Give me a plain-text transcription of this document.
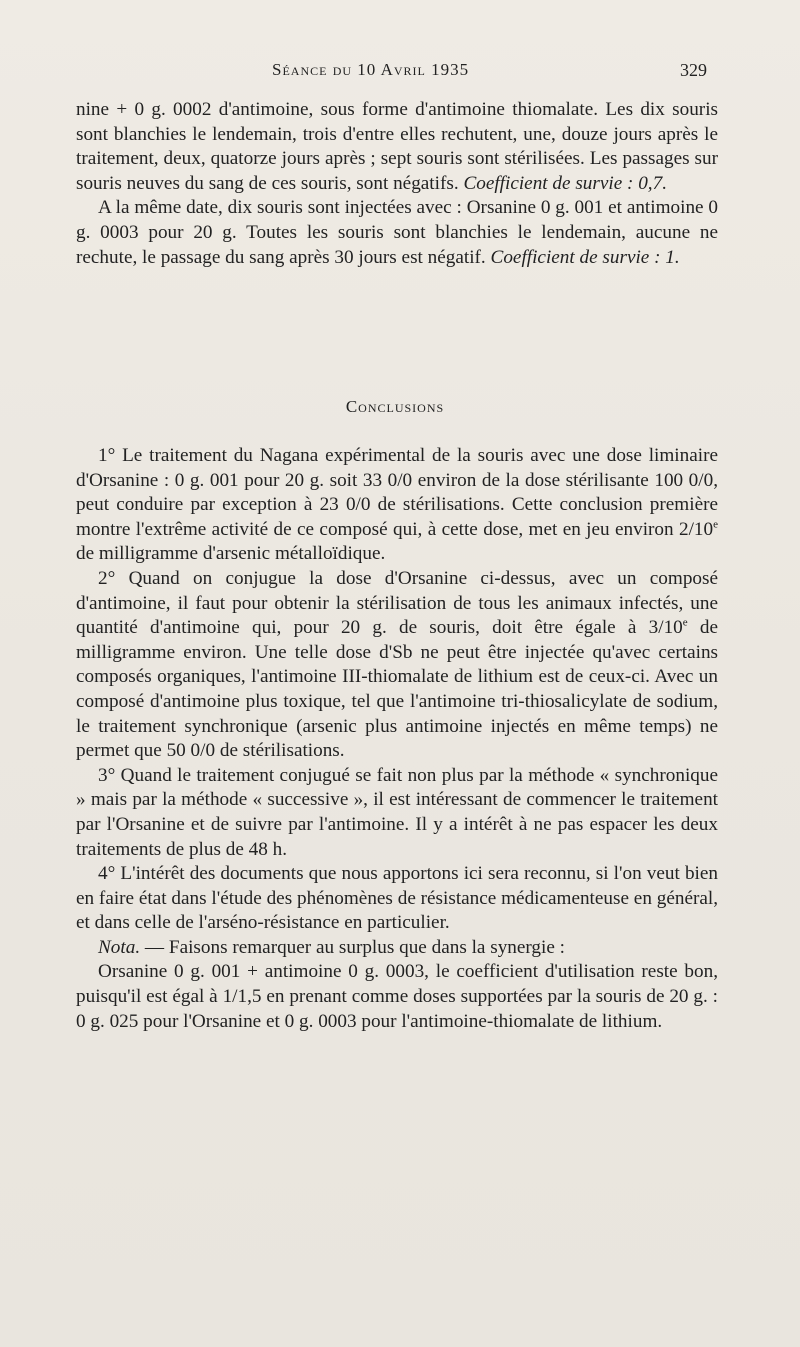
Séance du 10 Avril 1935	329

nine + 0 g. 0002 d'antimoine, sous forme d'antimoine thiomalate. Les dix souris sont blanchies le lendemain, trois d'entre elles rechutent, une, douze jours après le traitement, deux, quatorze jours après ; sept souris sont stérilisées. Les passages sur souris neuves du sang de ces souris, sont négatifs. Coefficient de survie : 0,7.

A la même date, dix souris sont injectées avec : Orsanine 0 g. 001 et antimoine 0 g. 0003 pour 20 g. Toutes les souris sont blanchies le lendemain, aucune ne rechute, le passage du sang après 30 jours est négatif. Coefficient de survie : 1.

Conclusions

1° Le traitement du Nagana expérimental de la souris avec une dose liminaire d'Orsanine : 0 g. 001 pour 20 g. soit 33 0/0 environ de la dose stérilisante 100 0/0, peut conduire par exception à 23 0/0 de stérilisations. Cette conclusion première montre l'extrême activité de ce composé qui, à cette dose, met en jeu environ 2/10e de milligramme d'arsenic métalloïdique.

2° Quand on conjugue la dose d'Orsanine ci-dessus, avec un composé d'antimoine, il faut pour obtenir la stérilisation de tous les animaux infectés, une quantité d'antimoine qui, pour 20 g. de souris, doit être égale à 3/10e de milligramme environ. Une telle dose d'Sb ne peut être injectée qu'avec certains composés organiques, l'antimoine III-thiomalate de lithium est de ceux-ci. Avec un composé d'antimoine plus toxique, tel que l'antimoine tri-thiosalicylate de sodium, le traitement synchronique (arsenic plus antimoine injectés en même temps) ne permet que 50 0/0 de stérilisations.

3° Quand le traitement conjugué se fait non plus par la méthode « synchronique » mais par la méthode « successive », il est intéressant de commencer le traitement par l'Orsanine et de suivre par l'antimoine. Il y a intérêt à ne pas espacer les deux traitements de plus de 48 h.

4° L'intérêt des documents que nous apportons ici sera reconnu, si l'on veut bien en faire état dans l'étude des phénomènes de résistance médicamenteuse en général, et dans celle de l'arséno-résistance en particulier.

Nota. — Faisons remarquer au surplus que dans la synergie :

Orsanine 0 g. 001 + antimoine 0 g. 0003, le coefficient d'utilisation reste bon, puisqu'il est égal à 1/1,5 en prenant comme doses supportées par la souris de 20 g. : 0 g. 025 pour l'Orsanine et 0 g. 0003 pour l'antimoine-thiomalate de lithium.
